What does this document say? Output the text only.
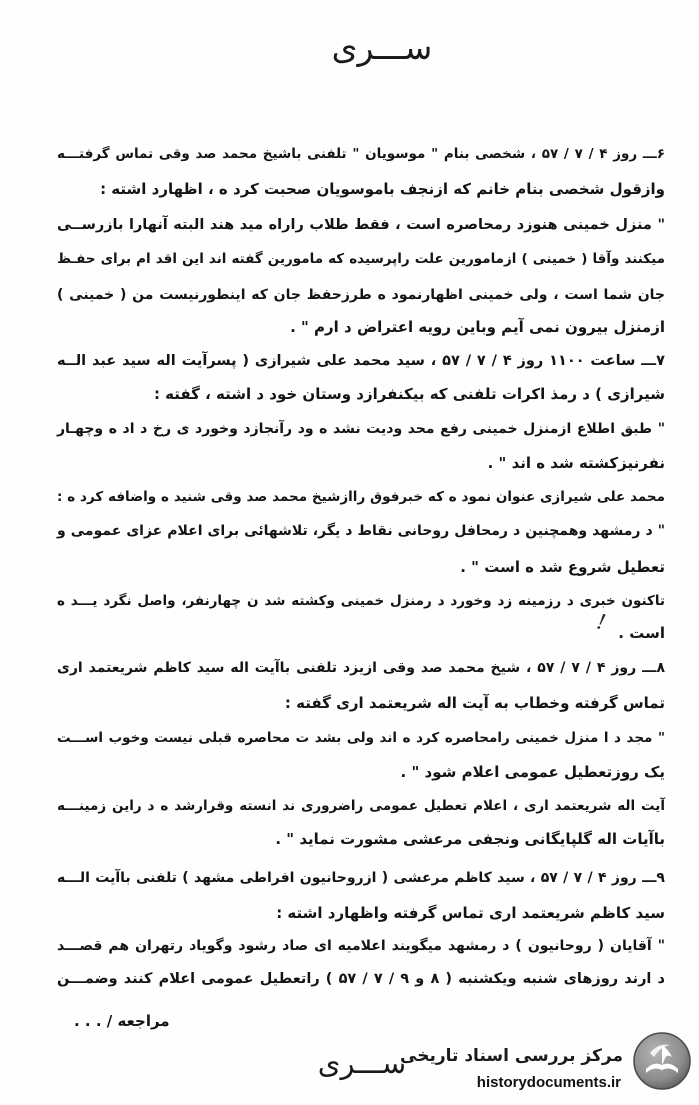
ســـری
۶ـــ روز ۴ / ۷ / ۵۷ ، شخصی بنام " موسویان " تلفنی باشیخ محمد صد وقی تماس گرفتـــه
وازقول شخصی بنام خانم که ازنجف باموسویان صحبت کرد ه ، اظهارد اشته :
" منزل خمینی هنوزد رمحاصره است ، فقط طلاب راراه مید هند البته آنهارا بازرســی
میکنند وآقا ( خمینی ) ازمامورین علت راپرسیده که مامورین گفته اند این اقد ام برای حفـظ
جان شما است ، ولی خمینی اظهارنمود ه طرزحفظ جان که اینطورنیست من ( خمینی )
ازمنزل بیرون نمی آیم وباین رویه اعتراض د ارم " .
۷ـــ ساعت ۱۱۰۰ روز ۴ / ۷ / ۵۷ ، سید محمد علی شیرازی ( پسرآیت اله سید عبد الــه
شیرازی ) د رمذ اکرات تلفنی که بیکنفرازد وستان خود د اشته ، گفته :
" طبق اطلاع ازمنزل خمینی رفع محد ودیت نشد ه ود رآنجازد وخورد ی رخ د اد ه وچهـار
نفرنیزکشته شد ه اند " .
محمد علی شیرازی عنوان نمود ه که خبرفوق راازشیخ محمد صد وقی شنید ه واضافه کرد ه :
" د رمشهد وهمچنین د رمحافل روحانی نقاط د یگر، تلاشهائی برای اعلام عزای عمومی و
تعطیل شروع شد ه است " .
تاکنون خبری د رزمینه زد وخورد د رمنزل خمینی وکشته شد ن چهارنفر، واصل نگرد یـــد ه
است .
!
۸ـــ روز ۴ / ۷ / ۵۷ ، شیخ محمد صد وقی ازیزد تلفنی باآیت اله سید کاظم شریعتمد اری
تماس گرفته وخطاب به آیت اله شریعتمد اری گفته :
" مجد د ا منزل خمینی رامحاصره کرد ه اند ولی بشد ت محاصره قبلی نیست وخوب اســـت
یک روزتعطیل عمومی اعلام شود " .
آیت اله شریعتمد اری ، اعلام تعطیل عمومی راضروری ند انسته وقرارشد ه د راین زمینـــه
باآیات اله گلپایگانی ونجفی مرعشی مشورت نماید " .
۹ـــ روز ۴ / ۷ / ۵۷ ، سید کاظم مرعشی ( ازروحانیون افراطی مشهد ) تلفنی باآیت الـــه
سید کاظم شریعتمد اری تماس گرفته واظهارد اشته :
" آقایان ( روحانیون ) د رمشهد میگویند اعلامیه ای صاد رشود وگویاد رتهران هم قصـــد
د ارند روزهای شنبه ویکشنبه ( ۸ و ۹ / ۷ / ۵۷ ) راتعطیل عمومی اعلام کنند وضمـــن
مراجعه / . . .
ســـری
مرکز بررسی اسناد تاریخی
historydocuments.ir
